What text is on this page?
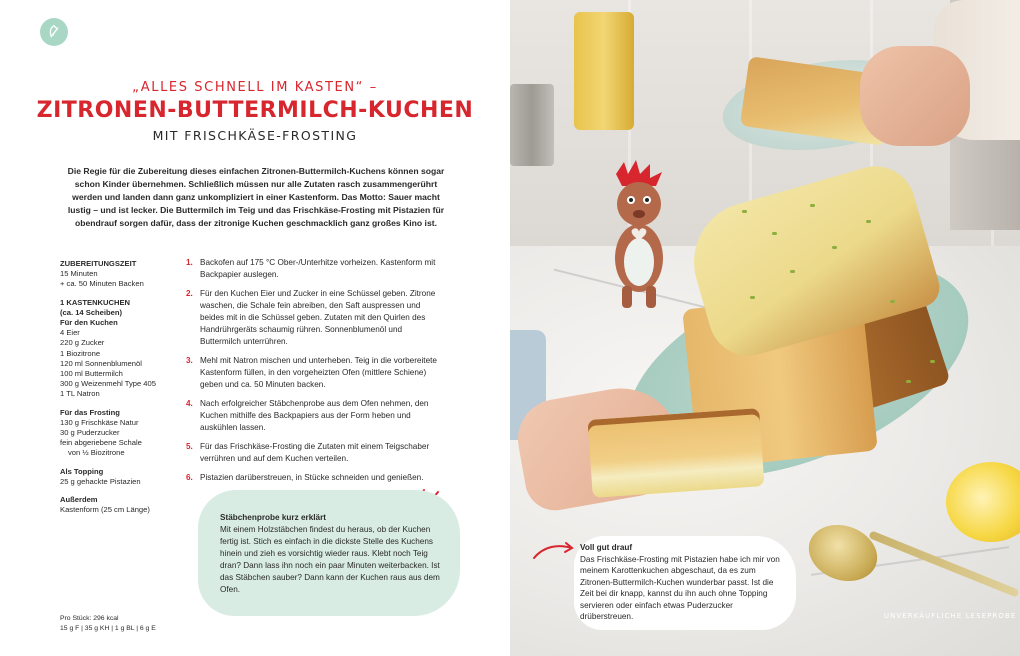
„ALLES SCHNELL IM KASTEN“ –
ZITRONEN-BUTTERMILCH-KUCHEN
MIT FRISCHKÄSE-FROSTING

Die Regie für die Zubereitung dieses einfachen Zitronen-Buttermilch-Kuchens können sogar schon Kinder übernehmen. Schließlich müssen nur alle Zutaten rasch zusammengerührt werden und landen dann ganz unkompliziert in einer Kastenform. Das Motto: Sauer macht lustig – und ist lecker. Die Buttermilch im Teig und das Frischkäse-Frosting mit Pistazien für obendrauf sorgen dafür, dass der zitronige Kuchen geschmacklich ganz großes Kino ist.

ZUBEREITUNGSZEIT
15 Minuten
+ ca. 50 Minuten Backen
1 KASTENKUCHEN
(ca. 14 Scheiben)
Für den Kuchen
4 Eier
220 g Zucker
1 Biozitrone
120 ml Sonnenblumenöl
100 ml Buttermilch
300 g Weizenmehl Type 405
1 TL Natron
Für das Frosting
130 g Frischkäse Natur
30 g Puderzucker
fein abgeriebene Schale
von ½ Biozitrone
Als Topping
25 g gehackte Pistazien
Außerdem
Kastenform (25 cm Länge)
1. Backofen auf 175 °C Ober-/Unterhitze vorheizen. Kastenform mit Backpapier auslegen.
2. Für den Kuchen Eier und Zucker in eine Schüssel geben. Zitrone waschen, die Schale fein abreiben, den Saft auspressen und beides mit in die Schüssel geben. Zutaten mit den Quirlen des Handrührgeräts schaumig rühren. Sonnenblumenöl und Buttermilch unterrühren.
3. Mehl mit Natron mischen und unterheben. Teig in die vorbereitete Kastenform füllen, in den vorgeheizten Ofen (mittlere Schiene) geben und ca. 50 Minuten backen.
4. Nach erfolgreicher Stäbchenprobe aus dem Ofen nehmen, den Kuchen mithilfe des Backpapiers aus der Form heben und auskühlen lassen.
5. Für das Frischkäse-Frosting die Zutaten mit einem Teigschaber verrühren und auf dem Kuchen verteilen.
6. Pistazien darüberstreuen, in Stücke schneiden und genießen.
Stäbchenprobe kurz erklärt
Mit einem Holzstäbchen findest du heraus, ob der Kuchen fertig ist. Stich es einfach in die dickste Stelle des Kuchens hinein und zieh es vorsichtig wieder raus. Klebt noch Teig dran? Dann lass ihn noch ein paar Minuten weiterbacken. Ist das Stäbchen sauber? Dann kann der Kuchen raus aus dem Ofen.
Pro Stück: 296 kcal
15 g F | 35 g KH | 1 g BL | 6 g E
Voll gut drauf
Das Frischkäse-Frosting mit Pistazien habe ich mir von meinem Karottenkuchen abgeschaut, da es zum Zitronen-Buttermilch-Kuchen wunderbar passt. Ist die Zeit bei dir knapp, kannst du ihn auch ohne Topping servieren oder einfach etwas Puderzucker drüberstreuen.	UNVERKÄUFLICHE LESEPROBE
